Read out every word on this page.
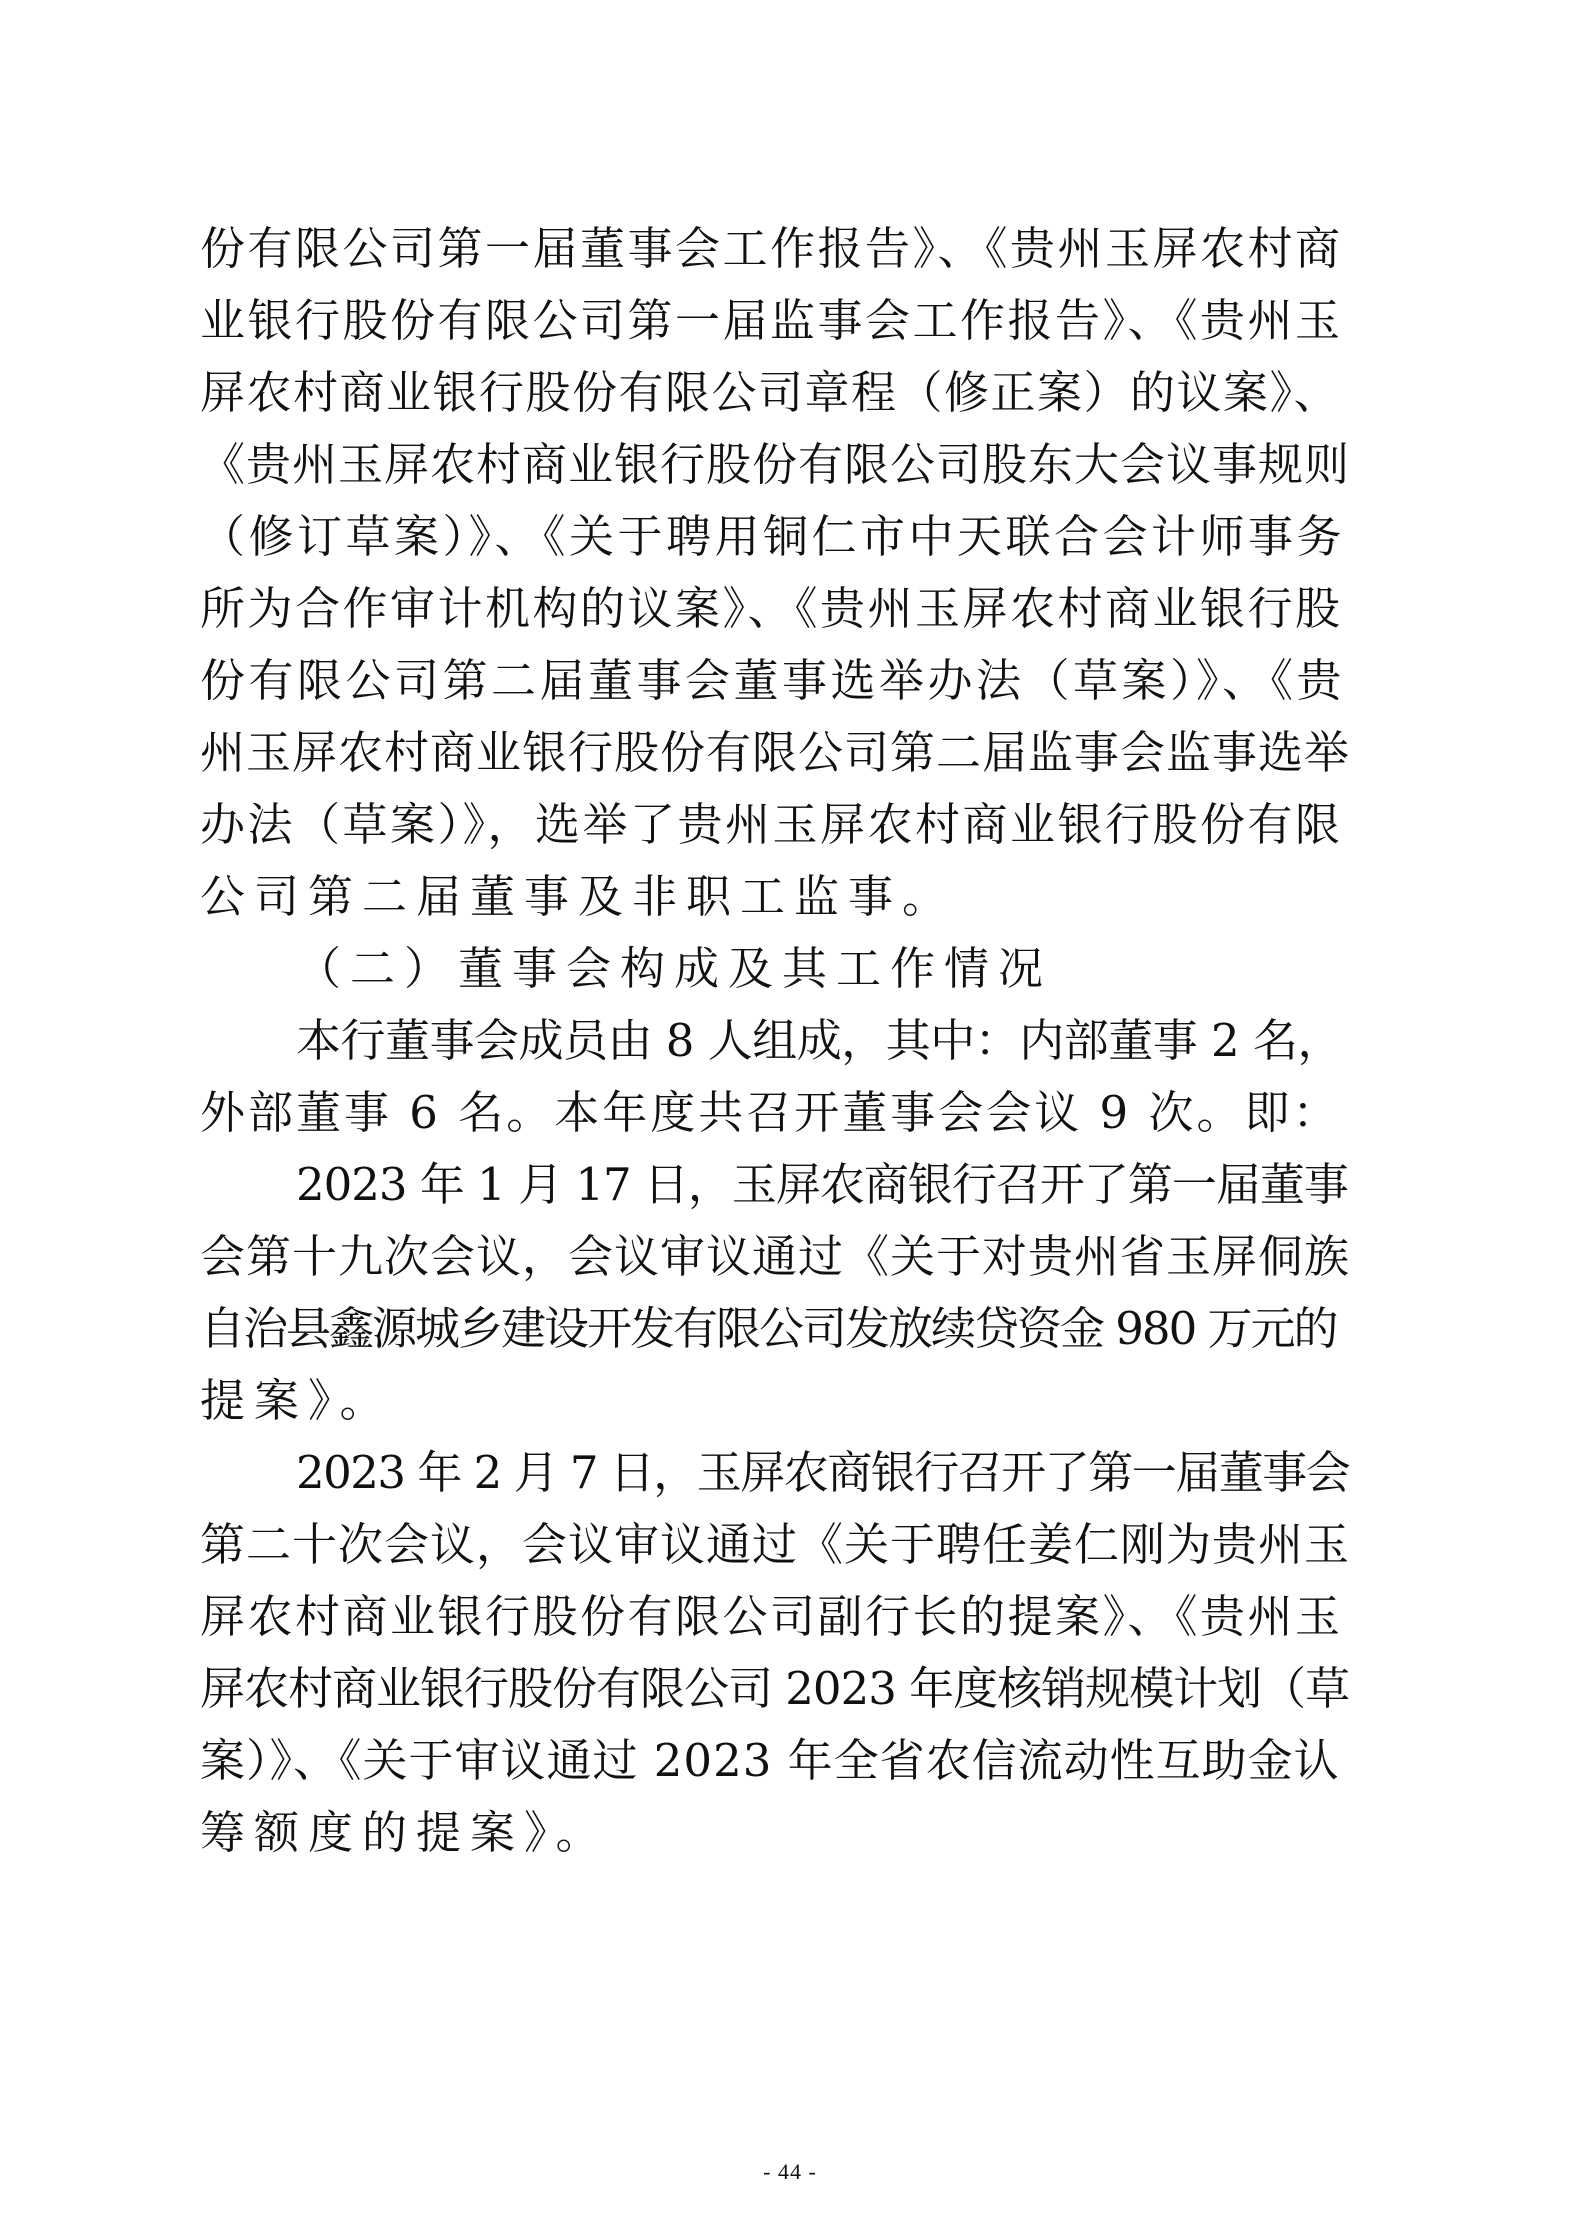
份有限公司第一届董事会工作报告》、《贵州玉屏农村商

业银行股份有限公司第一届监事会工作报告》、《贵州玉

屏农村商业银行股份有限公司章程（修正案）的议案》、

《贵州玉屏农村商业银行股份有限公司股东大会议事规则

（修订草案）》、《关于聘用铜仁市中天联合会计师事务

所为合作审计机构的议案》、《贵州玉屏农村商业银行股

份有限公司第二届董事会董事选举办法（草案）》、《贵

州玉屏农村商业银行股份有限公司第二届监事会监事选举

办法（草案）》，选举了贵州玉屏农村商业银行股份有限

公司第二届董事及非职工监事。

（二）董事会构成及其工作情况

本行董事会成员由 8 人组成，其中：内部董事 2 名，

外部董事 6 名。本年度共召开董事会会议 9 次。即：

2023 年 1 月 17 日，玉屏农商银行召开了第一届董事

会第十九次会议，会议审议通过《关于对贵州省玉屏侗族

自治县鑫源城乡建设开发有限公司发放续贷资金 980 万元的

提案》。

2023 年 2 月 7 日，玉屏农商银行召开了第一届董事会

第二十次会议，会议审议通过《关于聘任姜仁刚为贵州玉

屏农村商业银行股份有限公司副行长的提案》、《贵州玉

屏农村商业银行股份有限公司 2023 年度核销规模计划（草

案）》、《关于审议通过 2023 年全省农信流动性互助金认

筹额度的提案》。

- 44 -
